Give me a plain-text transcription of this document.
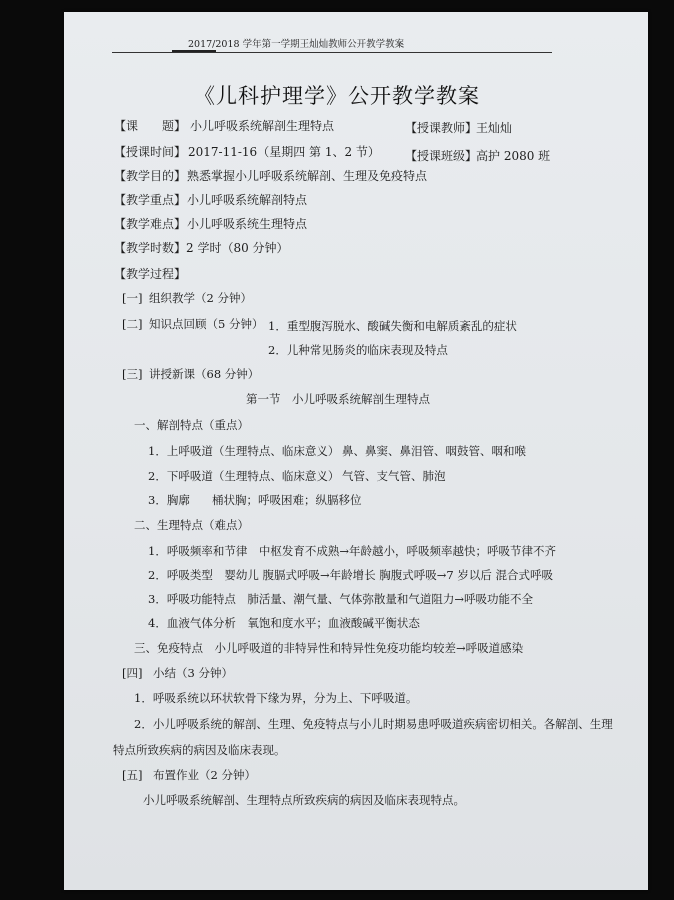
2017/2018 学年第一学期王灿灿教师公开教学教案
《儿科护理学》公开教学教案
【课　　题】 小儿呼吸系统解剖生理特点	【授课教师】
王灿灿
【授课时间】 2017-11-16（星期四 第 1、2 节） 【授课班级】
高护 2080 班
【教学目的】 熟悉掌握小儿呼吸系统解剖、生理及免疫特点
【教学重点】 小儿呼吸系统解剖特点
【教学难点】 小儿呼吸系统生理特点
【教学时数】 2 学时（80 分钟）
【教学过程】
[一] 组织教学（2 分钟）
[二] 知识点回顾（5 分钟） 1．重型腹泻脱水、酸碱失衡和电解质紊乱的症状
2．儿种常见肠炎的临床表现及特点
[三] 讲授新课（68 分钟）
第一节　小儿呼吸系统解剖生理特点
一、解剖特点（重点）
1．上呼吸道（生理特点、临床意义） 鼻、鼻窦、鼻泪管、咽鼓管、咽和喉
2．下呼吸道（生理特点、临床意义） 气管、支气管、肺泡
3．胸廓 桶状胸；呼吸困难；纵膈移位
二、生理特点（难点）
1．呼吸频率和节律　中枢发育不成熟→年龄越小，呼吸频率越快；呼吸节律不齐
2．呼吸类型　婴幼儿 腹膈式呼吸→年龄增长 胸腹式呼吸→7 岁以后 混合式呼吸
3．呼吸功能特点　肺活量、潮气量、气体弥散量和气道阻力→呼吸功能不全
4．血液气体分析　氧饱和度水平；血液酸碱平衡状态
三、免疫特点　小儿呼吸道的非特异性和特异性免疫功能均较差→呼吸道感染
[四] 小结（3 分钟）
1．呼吸系统以环状软骨下缘为界，分为上、下呼吸道。
2．小儿呼吸系统的解剖、生理、免疫特点与小儿时期易患呼吸道疾病密切相关。各解剖、生理
特点所致疾病的病因及临床表现。
[五] 布置作业（2 分钟）
小儿呼吸系统解剖、生理特点所致疾病的病因及临床表现特点。
